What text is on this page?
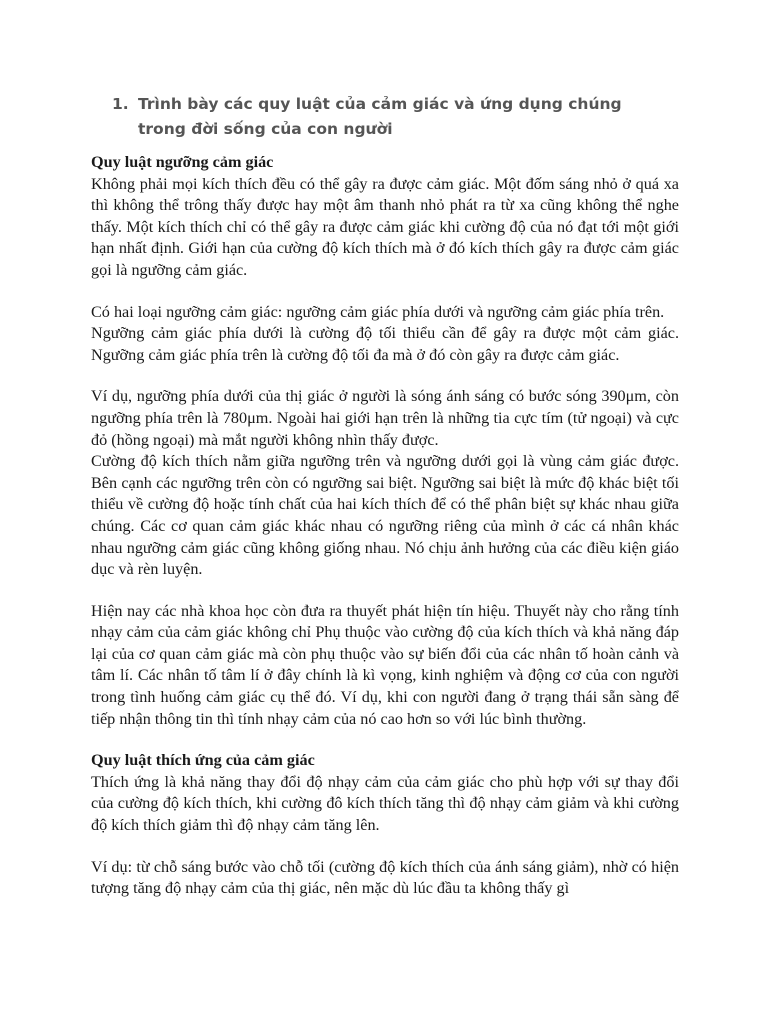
1. Trình bày các quy luật của cảm giác và ứng dụng chúng trong đời sống của con người

Quy luật ngưỡng cảm giác

Không phải mọi kích thích đều có thể gây ra được cảm giác. Một đốm sáng nhỏ ở quá xa thì không thể trông thấy được hay một âm thanh nhỏ phát ra từ xa cũng không thể nghe thấy. Một kích thích chỉ có thể gây ra được cảm giác khi cường độ của nó đạt tới một giới hạn nhất định. Giới hạn của cường độ kích thích mà ở đó kích thích gây ra được cảm giác gọi là ngưỡng cảm giác.

Có hai loại ngưỡng cảm giác: ngưỡng cảm giác phía dưới và ngưỡng cảm giác phía trên.

Ngưỡng cảm giác phía dưới là cường độ tối thiểu cần để gây ra được một cảm giác. Ngưỡng cảm giác phía trên là cường độ tối đa mà ở đó còn gây ra được cảm giác.

Ví dụ, ngưỡng phía dưới của thị giác ở người là sóng ánh sáng có bước sóng 390μm, còn ngưỡng phía trên là 780μm. Ngoài hai giới hạn trên là những tia cực tím (tử ngoại) và cực đỏ (hồng ngoại) mà mắt người không nhìn thấy được.

Cường độ kích thích nằm giữa ngưỡng trên và ngưỡng dưới gọi là vùng cảm giác được. Bên cạnh các ngưỡng trên còn có ngưỡng sai biệt. Ngưỡng sai biệt là mức độ khác biệt tối thiểu về cường độ hoặc tính chất của hai kích thích để có thể phân biệt sự khác nhau giữa chúng. Các cơ quan cảm giác khác nhau có ngưỡng riêng của mình ở các cá nhân khác nhau ngưỡng cảm giác cũng không giống nhau. Nó chịu ảnh hưởng của các điều kiện giáo dục và rèn luyện.

Hiện nay các nhà khoa học còn đưa ra thuyết phát hiện tín hiệu. Thuyết này cho rằng tính nhạy cảm của cảm giác không chỉ Phụ thuộc vào cường độ của kích thích và khả năng đáp lại của cơ quan cảm giác mà còn phụ thuộc vào sự biến đổi của các nhân tố hoàn cảnh và tâm lí. Các nhân tố tâm lí ở đây chính là kì vọng, kinh nghiệm và động cơ của con người trong tình huống cảm giác cụ thể đó. Ví dụ, khi con người đang ở trạng thái sẵn sàng để tiếp nhận thông tin thì tính nhạy cảm của nó cao hơn so với lúc bình thường.

Quy luật thích ứng của cảm giác

Thích ứng là khả năng thay đổi độ nhạy cảm của cảm giác cho phù hợp với sự thay đổi của cường độ kích thích, khi cường đô kích thích tăng thì độ nhạy cảm giảm và khi cường độ kích thích giảm thì độ nhạy cảm tăng lên.

Ví dụ: từ chỗ sáng bước vào chỗ tối (cường độ kích thích của ánh sáng giảm), nhờ có hiện tượng tăng độ nhạy cảm của thị giác, nên mặc dù lúc đầu ta không thấy gì
